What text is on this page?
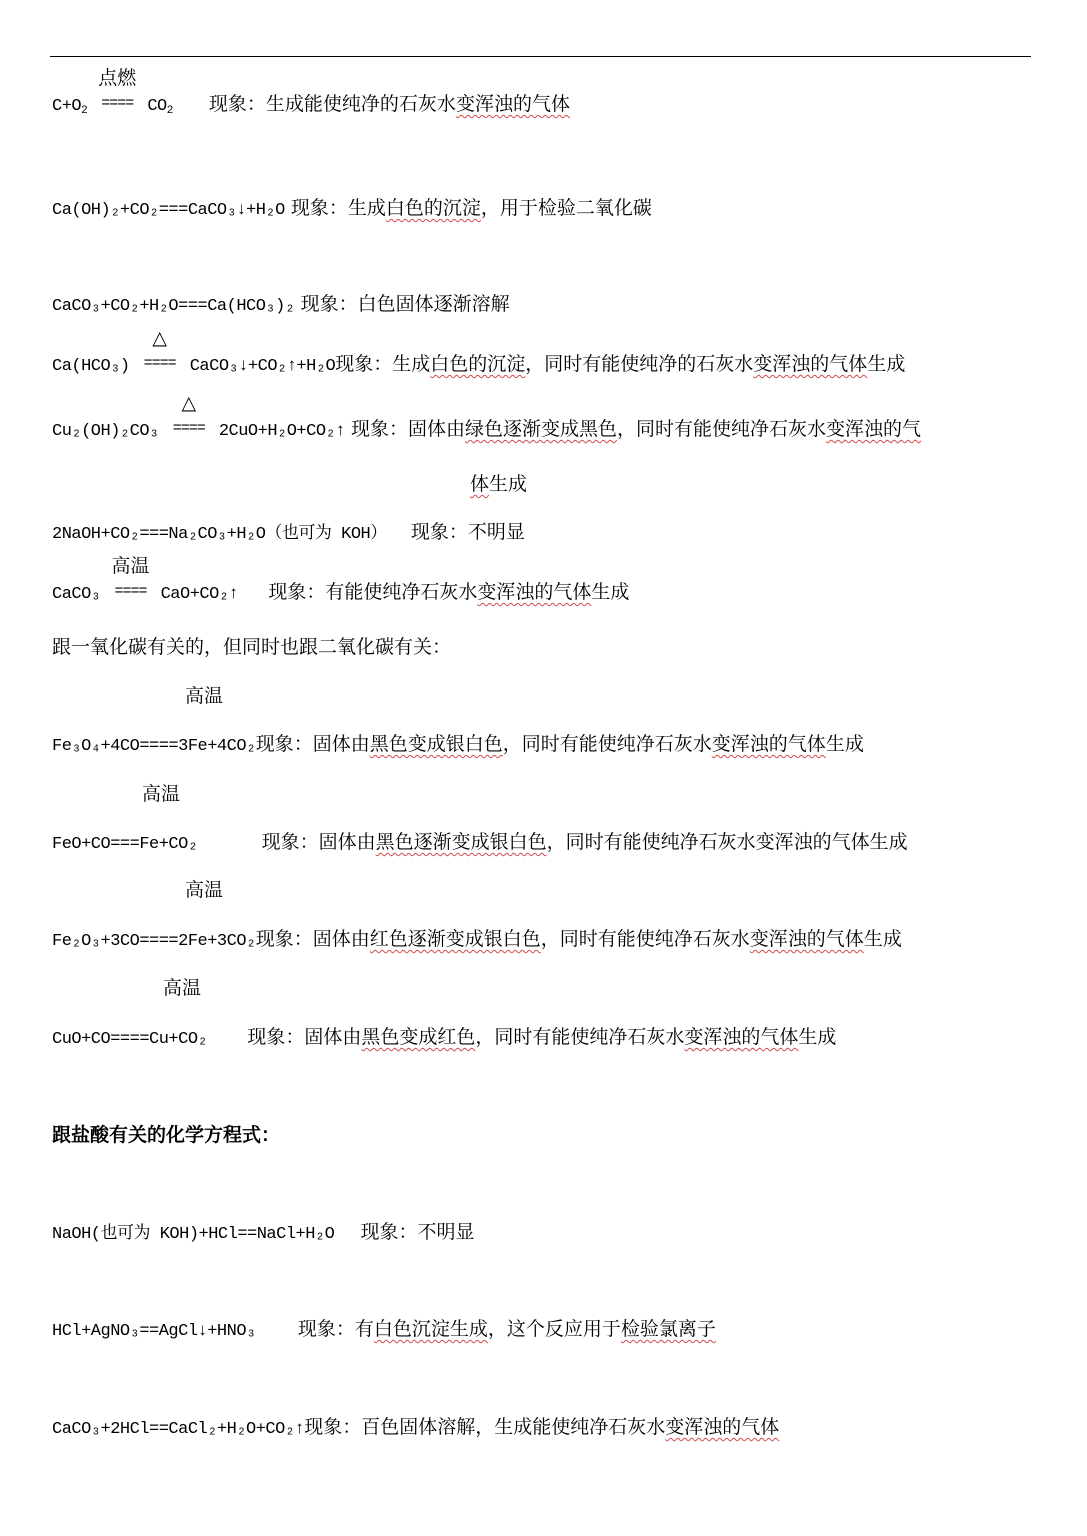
$C+O_2$
点燃
==== $CO_2$ 现象：生成能使纯净的石灰水变浑浊的气体
Ca(OH)₂+CO₂===CaCO₃↓+H₂O 现象：生成白色的沉淀，用于检验二氧化碳
CaCO₃+CO₂+H₂O===Ca(HCO₃)₂ 现象：白色固体逐渐溶解
Ca(HCO₃)
△
==== CaCO₃↓+CO₂↑+H₂O现象：生成白色的沉淀，同时有能使纯净的石灰水变浑浊的气体生成
Cu₂(OH)₂CO₃
△
==== 2CuO+H₂O+CO₂↑ 现象：固体由绿色逐渐变成黑色，同时有能使纯净石灰水变浑浊的气
体生成
2NaOH+CO₂===Na₂CO₃+H₂O（也可为 KOH） 现象：不明显
CaCO₃
高温
==== CaO+CO₂↑ 现象：有能使纯净石灰水变浑浊的气体生成
跟一氧化碳有关的，但同时也跟二氧化碳有关：
高温
Fe₃O₄+4CO====3Fe+4CO₂现象：固体由黑色变成银白色，同时有能使纯净石灰水变浑浊的气体生成
高温
FeO+CO===Fe+CO₂	现象：固体由黑色逐渐变成银白色，同时有能使纯净石灰水变浑浊的气体生成
高温
Fe₂O₃+3CO====2Fe+3CO₂现象：固体由红色逐渐变成银白色，同时有能使纯净石灰水变浑浊的气体生成
高温
CuO+CO====Cu+CO₂ 现象：固体由黑色变成红色，同时有能使纯净石灰水变浑浊的气体生成
跟盐酸有关的化学方程式：
NaOH(也可为 KOH)+HCl==NaCl+H₂O 现象：不明显
HCl+AgNO₃==AgCl↓+HNO₃ 现象：有白色沉淀生成，这个反应用于检验氯离子
CaCO₃+2HCl==CaCl₂+H₂O+CO₂↑现象：百色固体溶解，生成能使纯净石灰水变浑浊的气体
